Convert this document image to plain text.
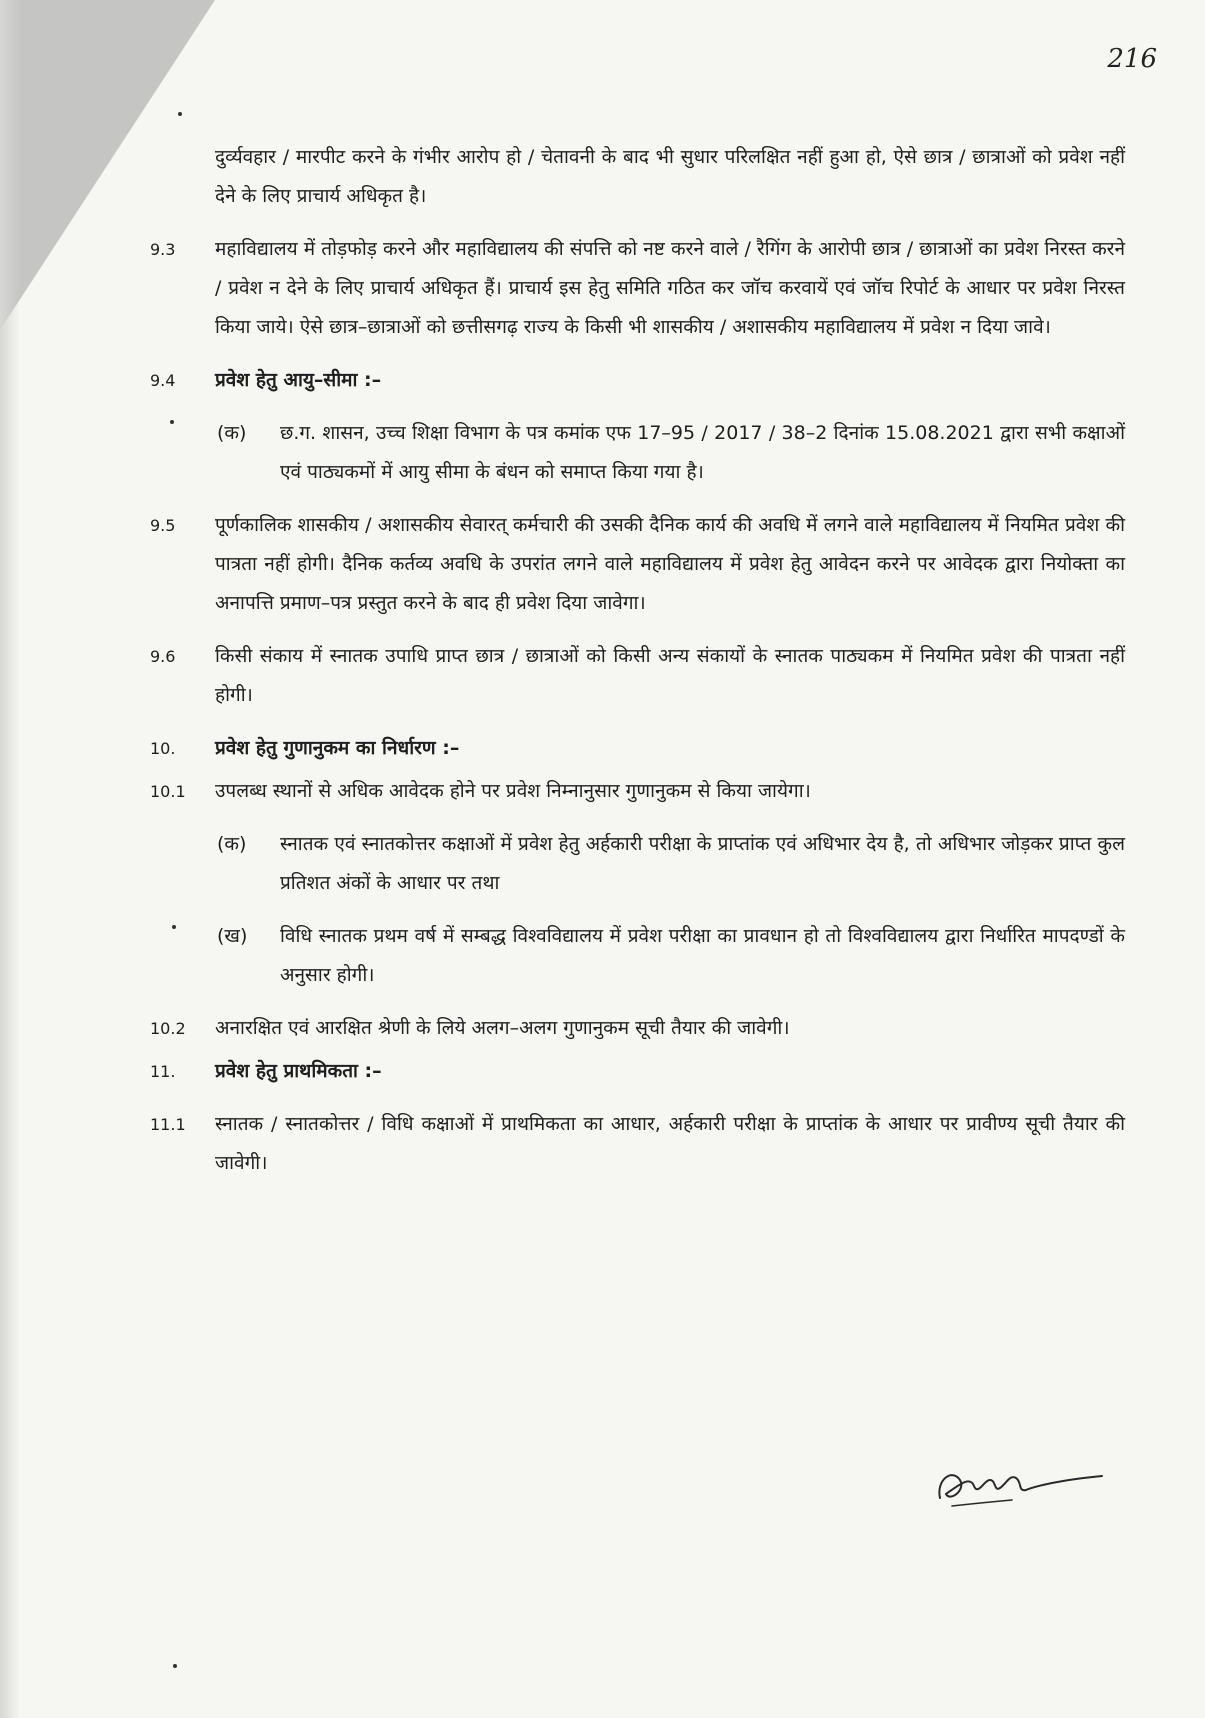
216
दुर्व्यवहार / मारपीट करने के गंभीर आरोप हो / चेतावनी के बाद भी सुधार परिलक्षित नहीं हुआ हो, ऐसे छात्र / छात्राओं को प्रवेश नहीं देने के लिए प्राचार्य अधिकृत है।
9.3 महाविद्यालय में तोड़फोड़ करने और महाविद्यालय की संपत्ति को नष्ट करने वाले / रैगिंग के आरोपी छात्र / छात्राओं का प्रवेश निरस्त करने / प्रवेश न देने के लिए प्राचार्य अधिकृत हैं। प्राचार्य इस हेतु समिति गठित कर जॉच करवायें एवं जॉच रिपोर्ट के आधार पर प्रवेश निरस्त किया जाये। ऐसे छात्र–छात्राओं को छत्तीसगढ़ राज्य के किसी भी शासकीय / अशासकीय महाविद्यालय में प्रवेश न दिया जावे।
9.4 प्रवेश हेतु आयु–सीमा :–
(क) छ.ग. शासन, उच्च शिक्षा विभाग के पत्र कमांक एफ 17–95 / 2017 / 38–2 दिनांक 15.08.2021 द्वारा सभी कक्षाओं एवं पाठ्यकमों में आयु सीमा के बंधन को समाप्त किया गया है।
9.5 पूर्णकालिक शासकीय / अशासकीय सेवारत् कर्मचारी की उसकी दैनिक कार्य की अवधि में लगने वाले महाविद्यालय में नियमित प्रवेश की पात्रता नहीं होगी। दैनिक कर्तव्य अवधि के उपरांत लगने वाले महाविद्यालय में प्रवेश हेतु आवेदन करने पर आवेदक द्वारा नियोक्ता का अनापत्ति प्रमाण–पत्र प्रस्तुत करने के बाद ही प्रवेश दिया जावेगा।
9.6 किसी संकाय में स्नातक उपाधि प्राप्त छात्र / छात्राओं को किसी अन्य संकायों के स्नातक पाठ्यकम में नियमित प्रवेश की पात्रता नहीं होगी।
10. प्रवेश हेतु गुणानुकम का निर्धारण :–
10.1 उपलब्ध स्थानों से अधिक आवेदक होने पर प्रवेश निम्नानुसार गुणानुकम से किया जायेगा।
(क) स्नातक एवं स्नातकोत्तर कक्षाओं में प्रवेश हेतु अर्हकारी परीक्षा के प्राप्तांक एवं अधिभार देय है, तो अधिभार जोड़कर प्राप्त कुल प्रतिशत अंकों के आधार पर तथा
(ख) विधि स्नातक प्रथम वर्ष में सम्बद्ध विश्वविद्यालय में प्रवेश परीक्षा का प्रावधान हो तो विश्वविद्यालय द्वारा निर्धारित मापदण्डों के अनुसार होगी।
10.2 अनारक्षित एवं आरक्षित श्रेणी के लिये अलग–अलग गुणानुकम सूची तैयार की जावेगी।
11. प्रवेश हेतु प्राथमिकता :–
11.1 स्नातक / स्नातकोत्तर / विधि कक्षाओं में प्राथमिकता का आधार, अर्हकारी परीक्षा के प्राप्तांक के आधार पर प्रावीण्य सूची तैयार की जावेगी।
